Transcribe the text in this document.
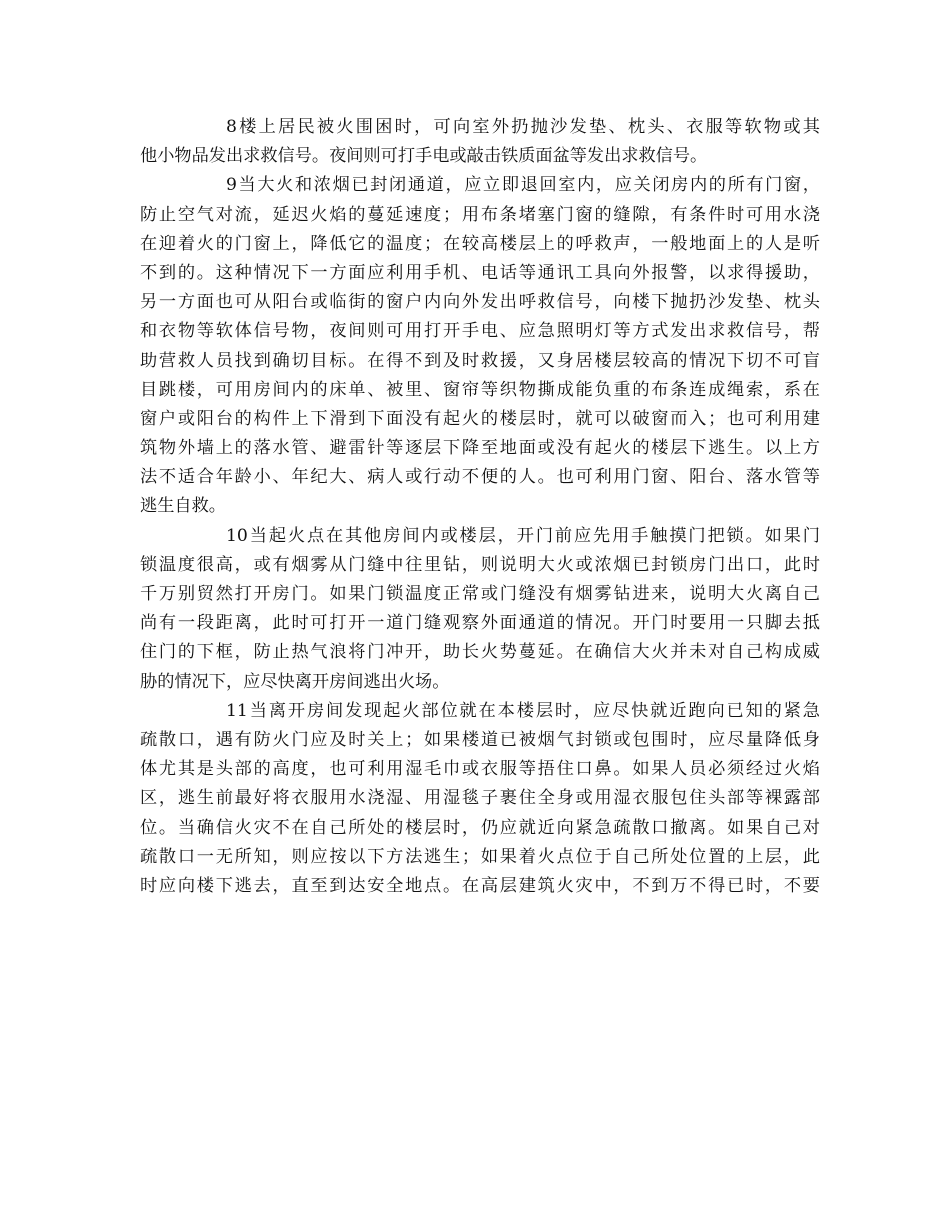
8楼上居民被火围困时，可向室外扔抛沙发垫、枕头、衣服等软物或其
他小物品发出求救信号。夜间则可打手电或敲击铁质面盆等发出求救信号。
9当大火和浓烟已封闭通道，应立即退回室内，应关闭房内的所有门窗，
防止空气对流，延迟火焰的蔓延速度；用布条堵塞门窗的缝隙，有条件时可用水浇
在迎着火的门窗上，降低它的温度；在较高楼层上的呼救声，一般地面上的人是听
不到的。这种情况下一方面应利用手机、电话等通讯工具向外报警，以求得援助，
另一方面也可从阳台或临街的窗户内向外发出呼救信号，向楼下抛扔沙发垫、枕头
和衣物等软体信号物，夜间则可用打开手电、应急照明灯等方式发出求救信号，帮
助营救人员找到确切目标。在得不到及时救援，又身居楼层较高的情况下切不可盲
目跳楼，可用房间内的床单、被里、窗帘等织物撕成能负重的布条连成绳索，系在
窗户或阳台的构件上下滑到下面没有起火的楼层时，就可以破窗而入；也可利用建
筑物外墙上的落水管、避雷针等逐层下降至地面或没有起火的楼层下逃生。以上方
法不适合年龄小、年纪大、病人或行动不便的人。也可利用门窗、阳台、落水管等
逃生自救。
10当起火点在其他房间内或楼层，开门前应先用手触摸门把锁。如果门
锁温度很高，或有烟雾从门缝中往里钻，则说明大火或浓烟已封锁房门出口，此时
千万别贸然打开房门。如果门锁温度正常或门缝没有烟雾钻进来，说明大火离自己
尚有一段距离，此时可打开一道门缝观察外面通道的情况。开门时要用一只脚去抵
住门的下框，防止热气浪将门冲开，助长火势蔓延。在确信大火并未对自己构成威
胁的情况下，应尽快离开房间逃出火场。
11当离开房间发现起火部位就在本楼层时，应尽快就近跑向已知的紧急
疏散口，遇有防火门应及时关上；如果楼道已被烟气封锁或包围时，应尽量降低身
体尤其是头部的高度，也可利用湿毛巾或衣服等捂住口鼻。如果人员必须经过火焰
区，逃生前最好将衣服用水浇湿、用湿毯子裹住全身或用湿衣服包住头部等裸露部
位。当确信火灾不在自己所处的楼层时，仍应就近向紧急疏散口撤离。如果自己对
疏散口一无所知，则应按以下方法逃生；如果着火点位于自己所处位置的上层，此
时应向楼下逃去，直至到达安全地点。在高层建筑火灾中，不到万不得已时，不要
